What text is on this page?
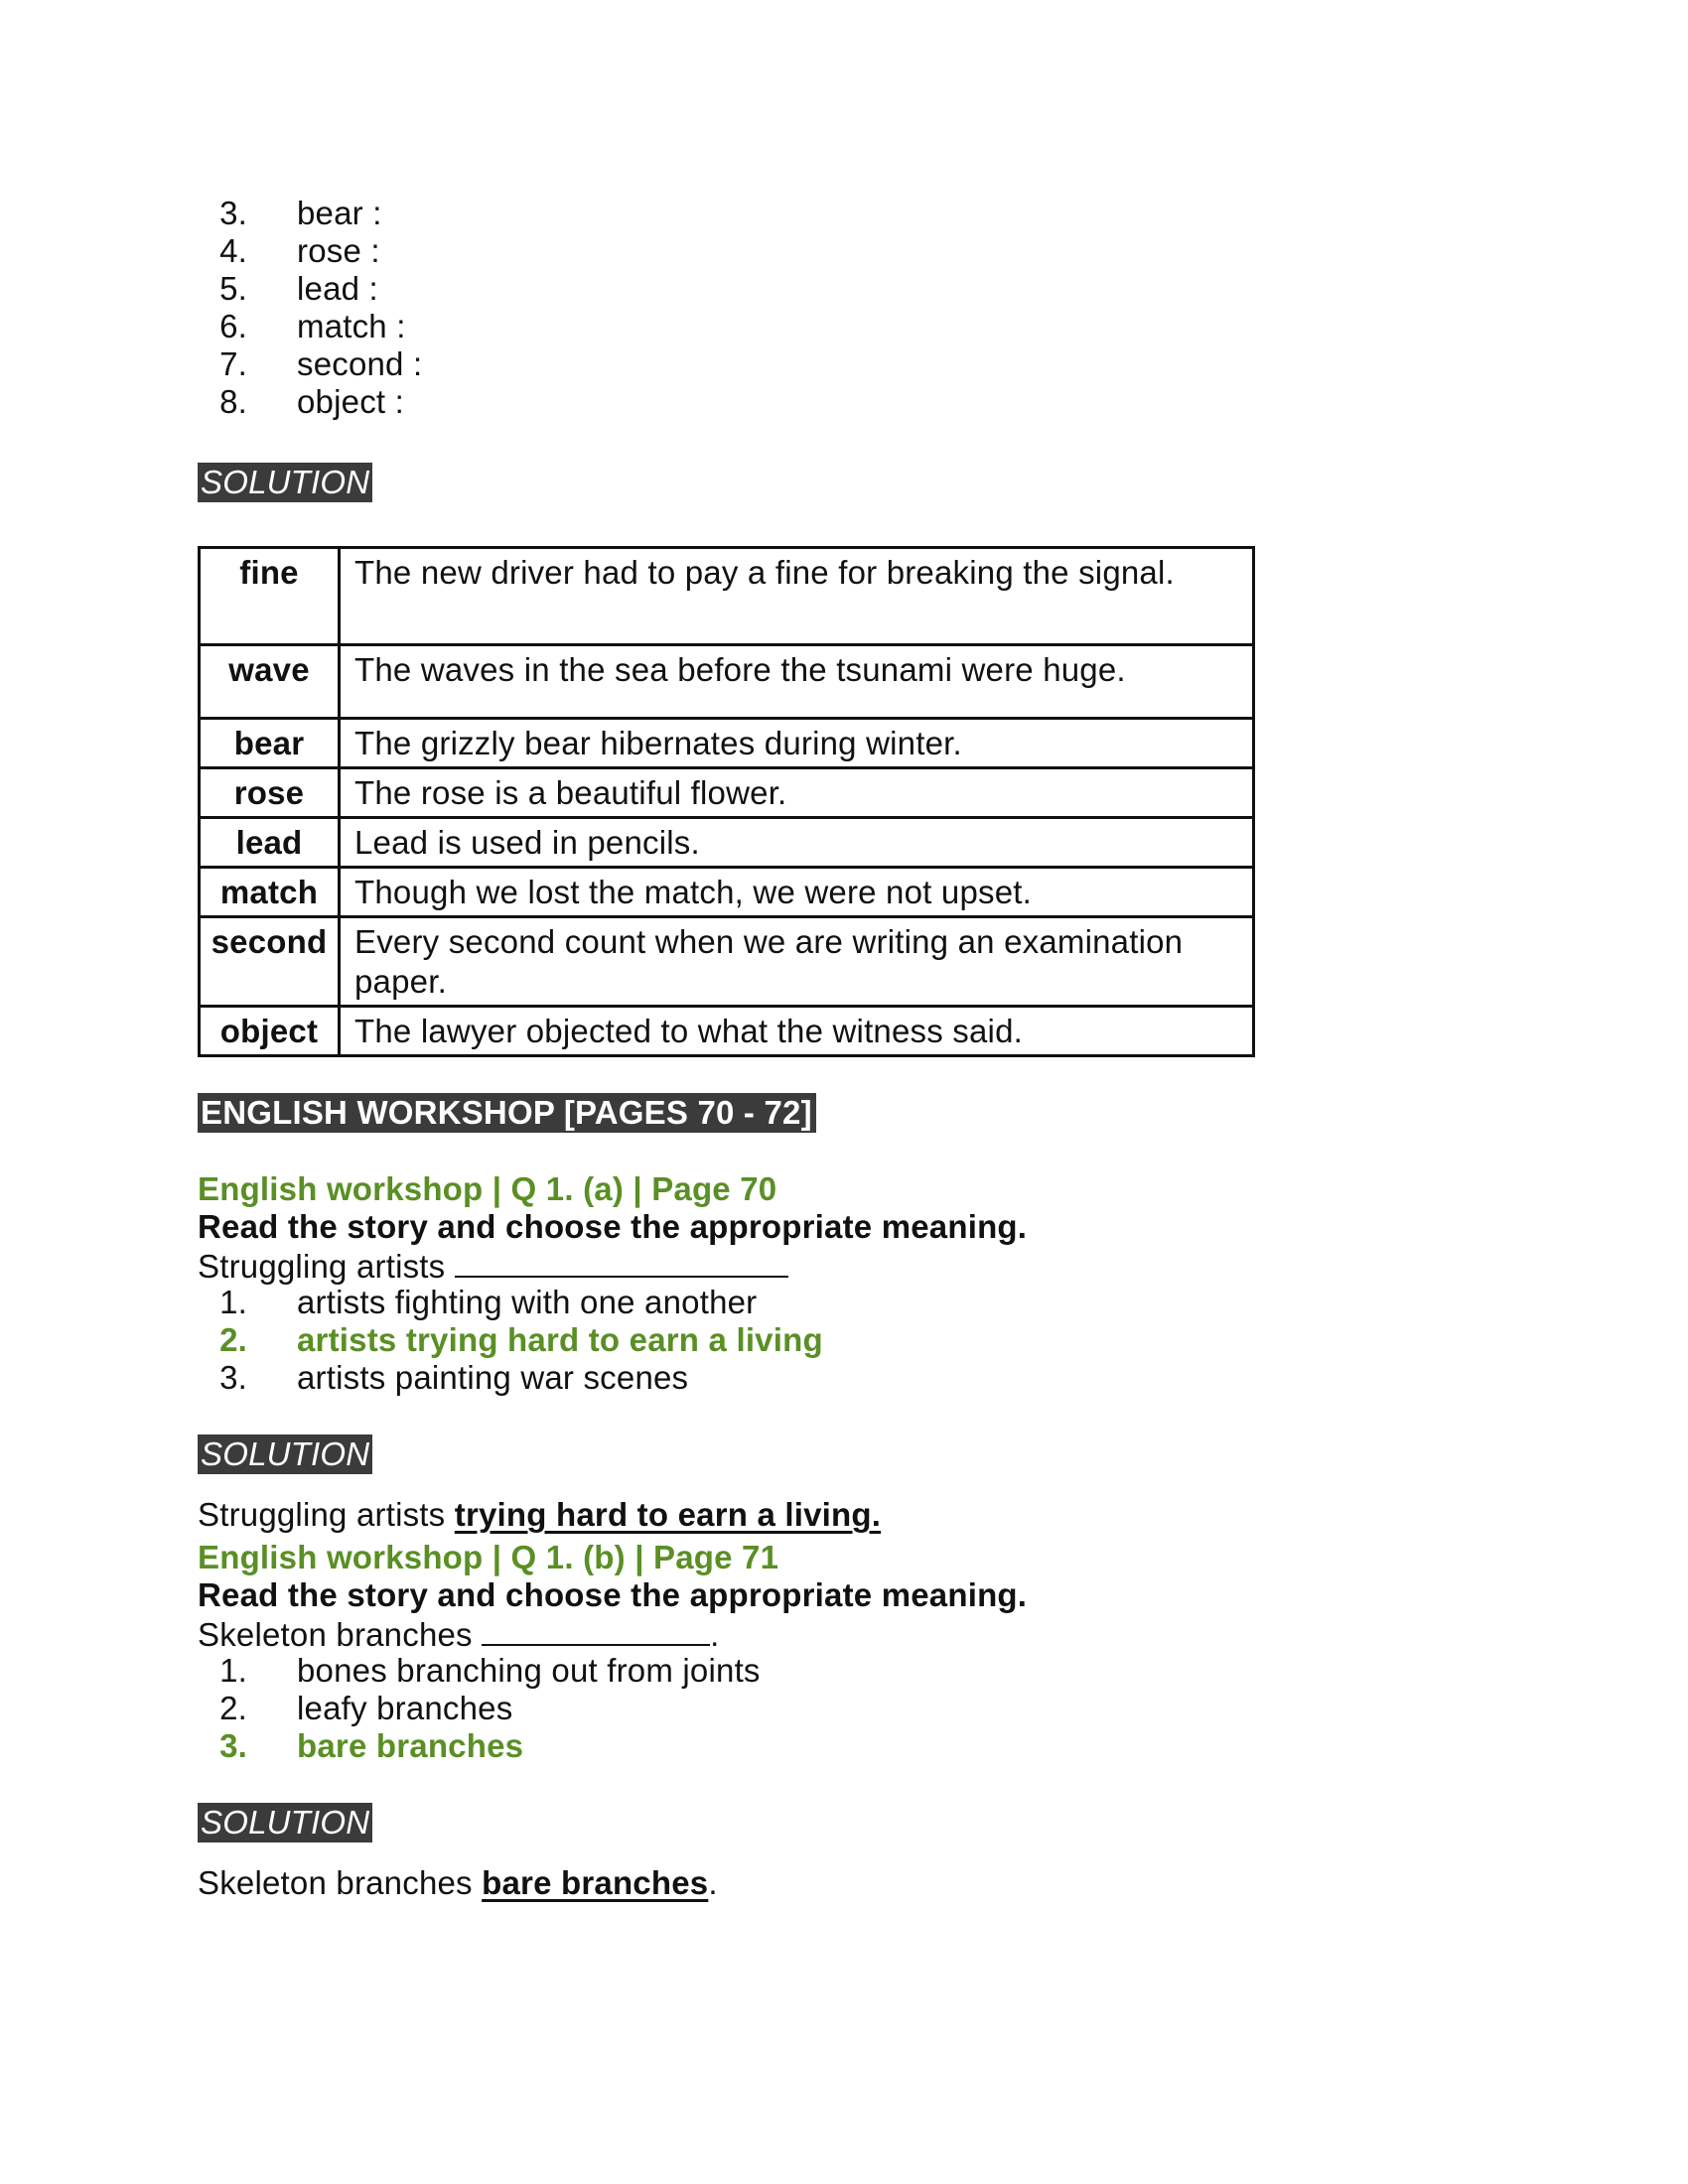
3.	bear :
4.	rose :
5.	lead :
6.	match :
7.	second :
8.	object :
SOLUTION
fine	The new driver had to pay a fine for breaking the signal.
wave	The waves in the sea before the tsunami were huge.
bear	The grizzly bear hibernates during winter.
rose	The rose is a beautiful flower.
lead	Lead is used in pencils.
match	Though we lost the match, we were not upset.
second	Every second count when we are writing an examination paper.
object	The lawyer objected to what the witness said.
ENGLISH WORKSHOP [PAGES 70 - 72]
English workshop | Q 1. (a) | Page 70
Read the story and choose the appropriate meaning.
Struggling artists
1.	artists fighting with one another
2.	artists trying hard to earn a living
3.	artists painting war scenes
SOLUTION
Struggling artists trying hard to earn a living.
English workshop | Q 1. (b) | Page 71
Read the story and choose the appropriate meaning.
Skeleton branches	.
1.	bones branching out from joints
2.	leafy branches
3.	bare branches
SOLUTION
Skeleton branches bare branches.
